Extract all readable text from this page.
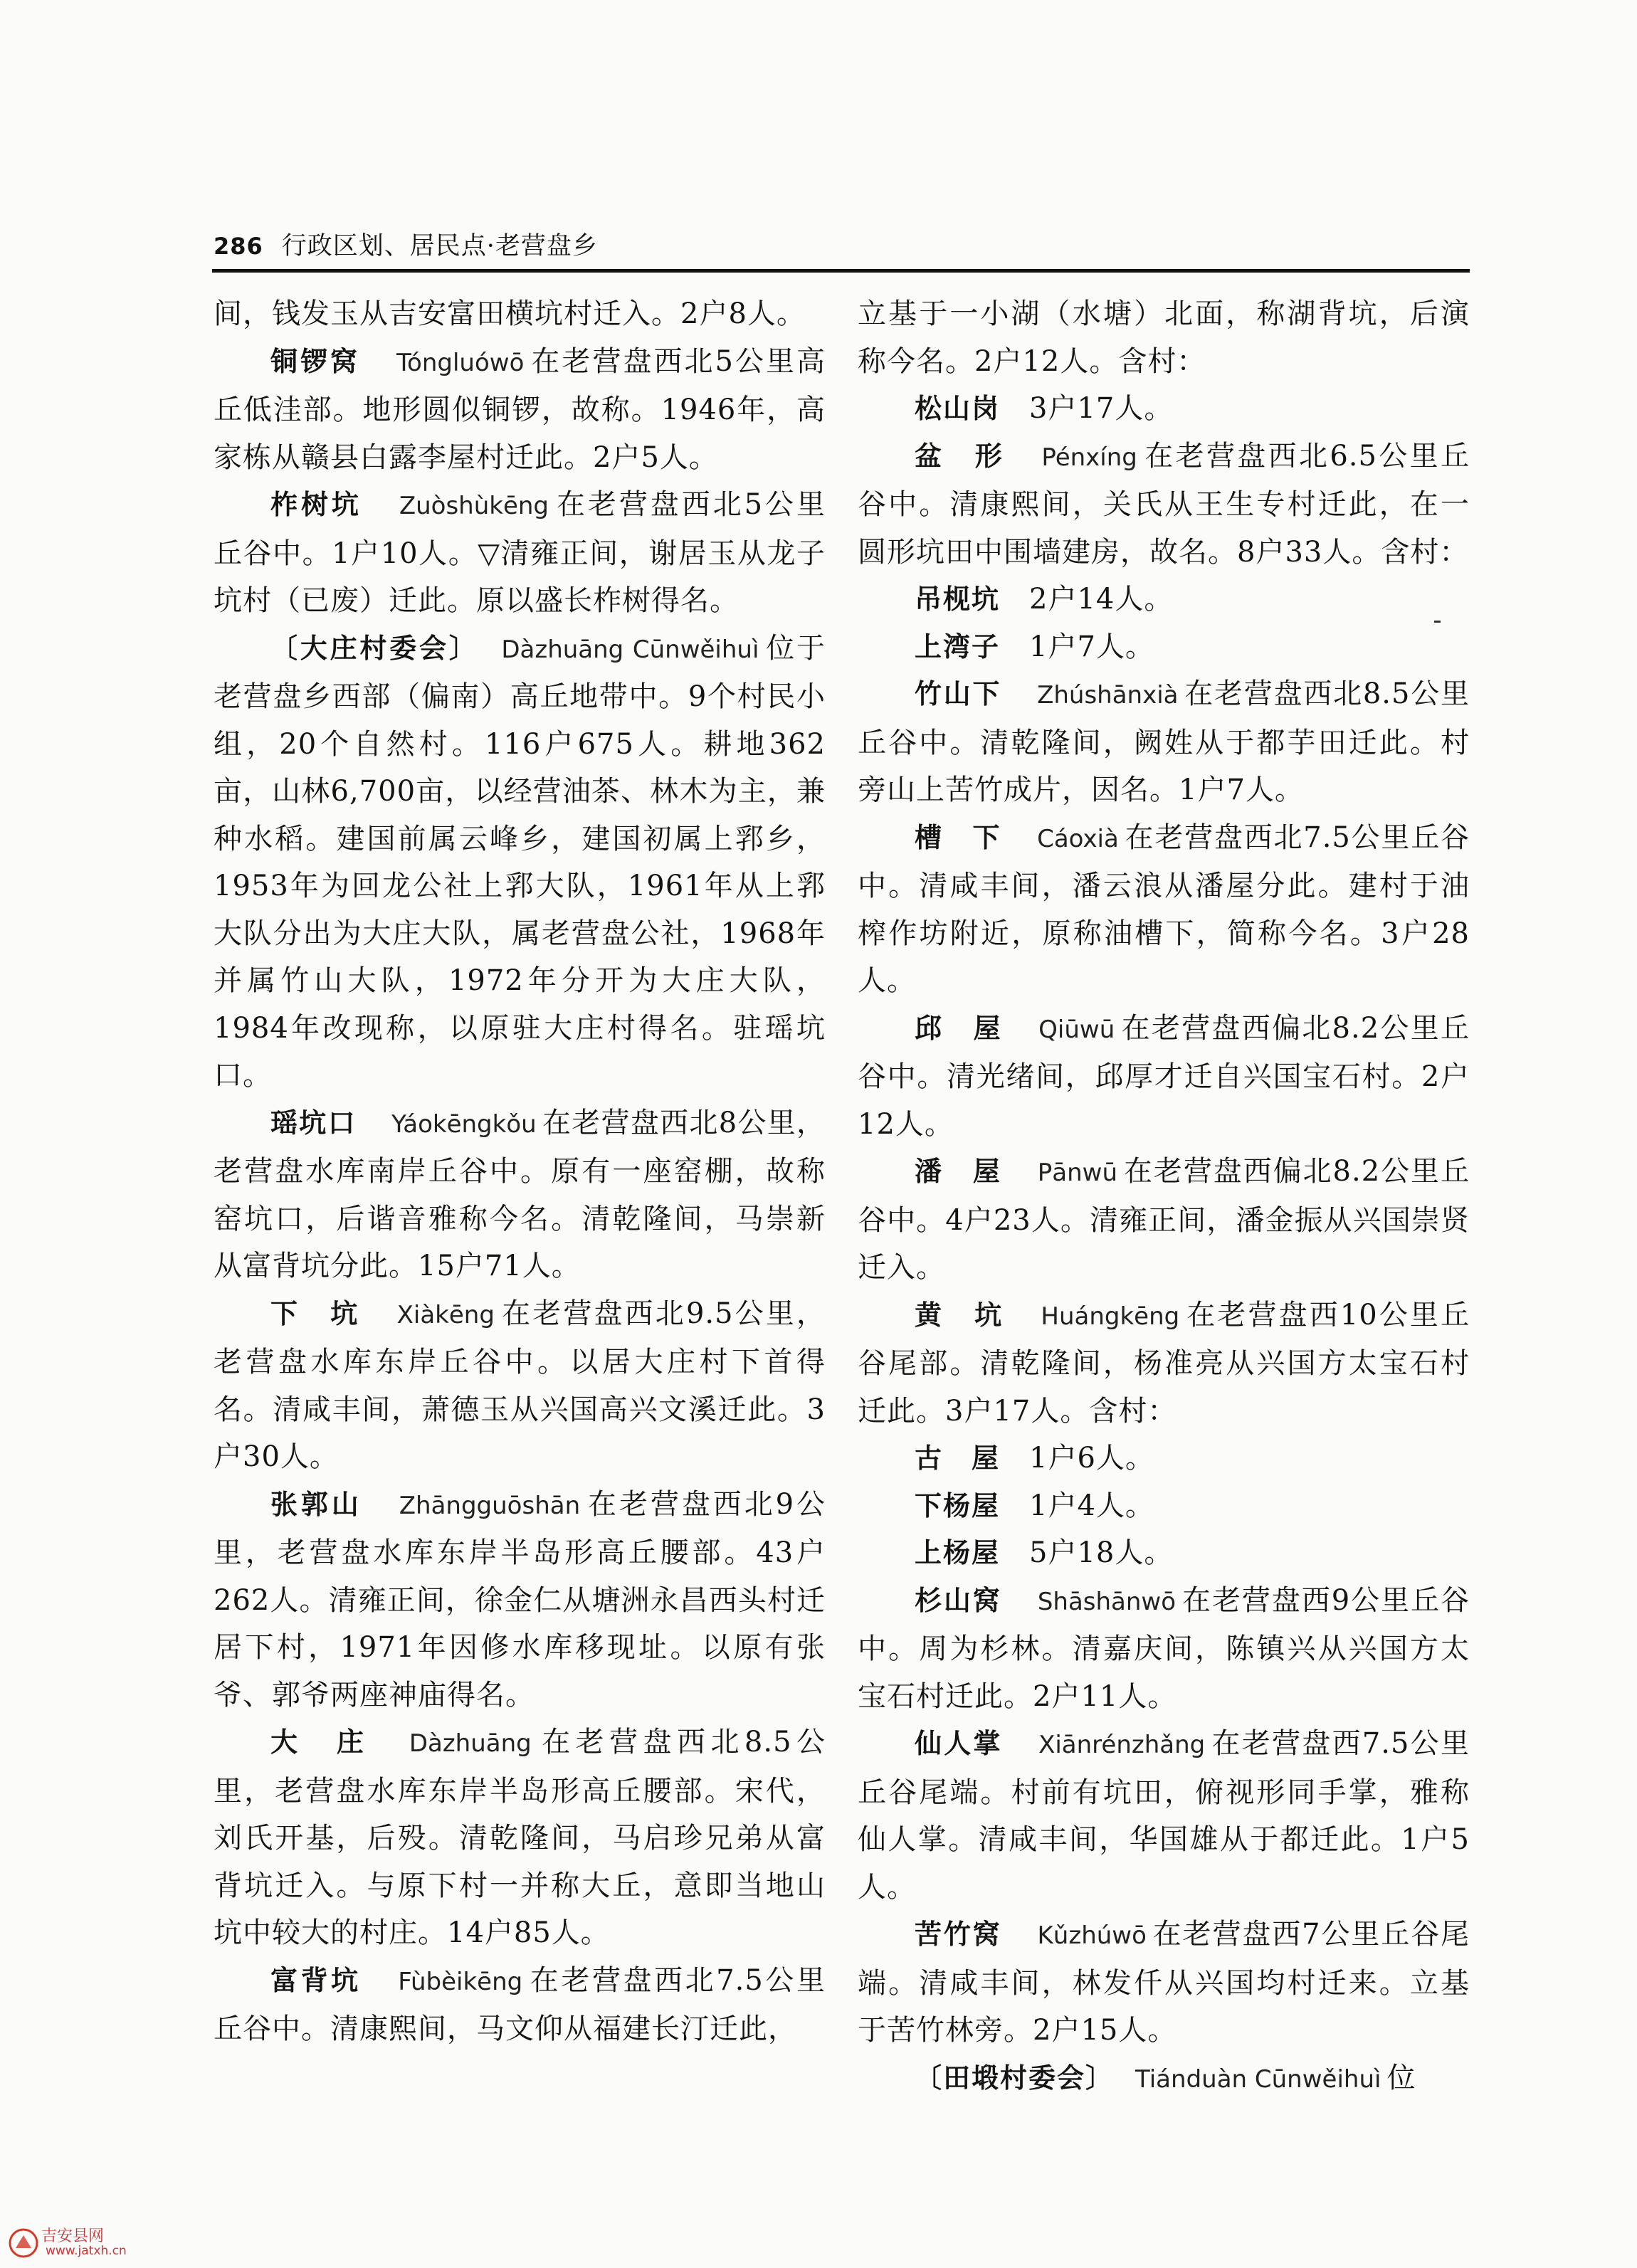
286 行政区划、居民点·老营盘乡

间，钱发玉从吉安富田横坑村迁入。2户8人。

铜锣窝　 Tóngluówō 在老营盘西北5公里高丘低洼部。地形圆似铜锣，故称。1946年，高家栋从赣县白露李屋村迁此。2户5人。

柞树坑　 Zuòshùkēng 在老营盘西北5公里丘谷中。1户10人。▽清雍正间，谢居玉从龙子坑村（已废）迁此。原以盛长柞树得名。

〔大庄村委会〕　 Dàzhuāng Cūnwěihuì 位于老营盘乡西部（偏南）高丘地带中。9个村民小组，20个自然村。116户675人。耕地362亩，山林6,700亩，以经营油茶、林木为主，兼种水稻。建国前属云峰乡，建国初属上郛乡，1953年为回龙公社上郛大队，1961年从上郛大队分出为大庄大队，属老营盘公社，1968年并属竹山大队，1972年分开为大庄大队，1984年改现称，以原驻大庄村得名。驻瑶坑口。

瑶坑口　 Yáokēngkǒu 在老营盘西北8公里，老营盘水库南岸丘谷中。原有一座窑棚，故称窑坑口，后谐音雅称今名。清乾隆间，马崇新从富背坑分此。15户71人。

下　坑　 Xiàkēng 在老营盘西北9.5公里，老营盘水库东岸丘谷中。以居大庄村下首得名。清咸丰间，萧德玉从兴国高兴文溪迁此。3户30人。

张郭山　 Zhāngguōshān 在老营盘西北9公里，老营盘水库东岸半岛形高丘腰部。43户262人。清雍正间，徐金仁从塘洲永昌西头村迁居下村，1971年因修水库移现址。以原有张爷、郭爷两座神庙得名。

大　庄　 Dàzhuāng 在老营盘西北8.5公里，老营盘水库东岸半岛形高丘腰部。宋代，刘氏开基，后殁。清乾隆间，马启珍兄弟从富背坑迁入。与原下村一并称大丘，意即当地山坑中较大的村庄。14户85人。

富背坑　 Fùbèikēng 在老营盘西北7.5公里丘谷中。清康熙间，马文仰从福建长汀迁此，

立基于一小湖（水塘）北面，称湖背坑，后演称今名。2户12人。含村：

松山岗　 3户17人。

盆　形　 Pénxíng 在老营盘西北6.5公里丘谷中。清康熙间，关氏从王生专村迁此，在一圆形坑田中围墙建房，故名。8户33人。含村：

吊枧坑　 2户14人。

上湾子　 1户7人。

竹山下　 Zhúshānxià 在老营盘西北8.5公里丘谷中。清乾隆间，阙姓从于都芋田迁此。村旁山上苦竹成片，因名。1户7人。

槽　下　 Cáoxià 在老营盘西北7.5公里丘谷中。清咸丰间，潘云浪从潘屋分此。建村于油榨作坊附近，原称油槽下，简称今名。3户28人。

邱　屋　 Qiūwū 在老营盘西偏北8.2公里丘谷中。清光绪间，邱厚才迁自兴国宝石村。2户12人。

潘　屋　 Pānwū 在老营盘西偏北8.2公里丘谷中。4户23人。清雍正间，潘金振从兴国崇贤迁入。

黄　坑　 Huángkēng 在老营盘西10公里丘谷尾部。清乾隆间，杨准亮从兴国方太宝石村迁此。3户17人。含村：

古　屋　 1户6人。

下杨屋　 1户4人。

上杨屋　 5户18人。

杉山窝　 Shāshānwō 在老营盘西9公里丘谷中。周为杉林。清嘉庆间，陈镇兴从兴国方太宝石村迁此。2户11人。

仙人掌　 Xiānrénzhǎng 在老营盘西7.5公里丘谷尾端。村前有坑田，俯视形同手掌，雅称仙人掌。清咸丰间，华国雄从于都迁此。1户5人。

苦竹窝　 Kǔzhúwō 在老营盘西7公里丘谷尾端。清咸丰间，林发仟从兴国均村迁来。立基于苦竹林旁。2户15人。

〔田塅村委会〕　 Tiánduàn Cūnwěihuì 位

吉安县网
www.jatxh.cn
